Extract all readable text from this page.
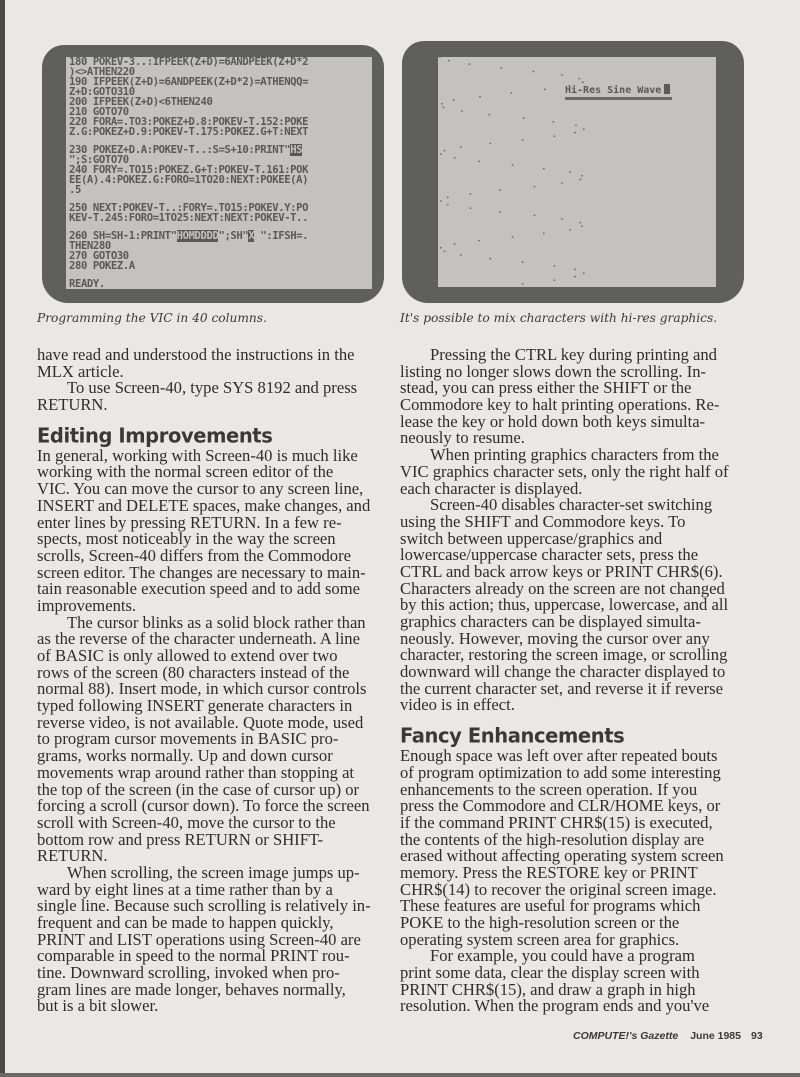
180 POKEV-3..:IFPEEK(Z+D)=6ANDPEEK(Z+D*2
)<>ATHEN220
190 IFPEEK(Z+D)=6ANDPEEK(Z+D*2)=ATHENQQ=
Z+D:GOTO310
200 IFPEEK(Z+D)<6THEN240
210 GOTO70
220 FORA=.TO3:POKEZ+D.8:POKEV-T.152:POKE
Z.G:POKEZ+D.9:POKEV-T.175:POKEZ.G+T:NEXT
230 POKEZ+D.A:POKEV-T..:S=S+10:PRINT"HS
";S:GOTO70
240 FORY=.TO15:POKEZ.G+T:POKEV-T.161:POK
EE(A).4:POKEZ.G:FORO=1TO20:NEXT:POKEE(A)
.5
250 NEXT:POKEV-T..:FORY=.TO15:POKEV.Y:PO
KEV-T.245:FORO=1TO25:NEXT:NEXT:POKEV-T..
260 SH=SH-1:PRINT"HOMDDDD";SH"X ":IFSH=.
THEN280
270 GOTO30
280 POKEZ.A
READY.
Programming the VIC in 40 columns.
Hi-Res Sine Wave
It's possible to mix characters with hi-res graphics.
have read and understood the instructions in the
MLX article.
To use Screen-40, type SYS 8192 and press
RETURN.
Editing Improvements
In general, working with Screen-40 is much like
working with the normal screen editor of the
VIC. You can move the cursor to any screen line,
INSERT and DELETE spaces, make changes, and
enter lines by pressing RETURN. In a few re-
spects, most noticeably in the way the screen
scrolls, Screen-40 differs from the Commodore
screen editor. The changes are necessary to main-
tain reasonable execution speed and to add some
improvements.
The cursor blinks as a solid block rather than
as the reverse of the character underneath. A line
of BASIC is only allowed to extend over two
rows of the screen (80 characters instead of the
normal 88). Insert mode, in which cursor controls
typed following INSERT generate characters in
reverse video, is not available. Quote mode, used
to program cursor movements in BASIC pro-
grams, works normally. Up and down cursor
movements wrap around rather than stopping at
the top of the screen (in the case of cursor up) or
forcing a scroll (cursor down). To force the screen
scroll with Screen-40, move the cursor to the
bottom row and press RETURN or SHIFT-
RETURN.
When scrolling, the screen image jumps up-
ward by eight lines at a time rather than by a
single line. Because such scrolling is relatively in-
frequent and can be made to happen quickly,
PRINT and LIST operations using Screen-40 are
comparable in speed to the normal PRINT rou-
tine. Downward scrolling, invoked when pro-
gram lines are made longer, behaves normally,
but is a bit slower.
Pressing the CTRL key during printing and
listing no longer slows down the scrolling. In-
stead, you can press either the SHIFT or the
Commodore key to halt printing operations. Re-
lease the key or hold down both keys simulta-
neously to resume.
When printing graphics characters from the
VIC graphics character sets, only the right half of
each character is displayed.
Screen-40 disables character-set switching
using the SHIFT and Commodore keys. To
switch between uppercase/graphics and
lowercase/uppercase character sets, press the
CTRL and back arrow keys or PRINT CHR$(6).
Characters already on the screen are not changed
by this action; thus, uppercase, lowercase, and all
graphics characters can be displayed simulta-
neously. However, moving the cursor over any
character, restoring the screen image, or scrolling
downward will change the character displayed to
the current character set, and reverse it if reverse
video is in effect.
Fancy Enhancements
Enough space was left over after repeated bouts
of program optimization to add some interesting
enhancements to the screen operation. If you
press the Commodore and CLR/HOME keys, or
if the command PRINT CHR$(15) is executed,
the contents of the high-resolution display are
erased without affecting operating system screen
memory. Press the RESTORE key or PRINT
CHR$(14) to recover the original screen image.
These features are useful for programs which
POKE to the high-resolution screen or the
operating system screen area for graphics.
For example, you could have a program
print some data, clear the display screen with
PRINT CHR$(15), and draw a graph in high
resolution. When the program ends and you've
COMPUTE!'s Gazette June 1985 93
